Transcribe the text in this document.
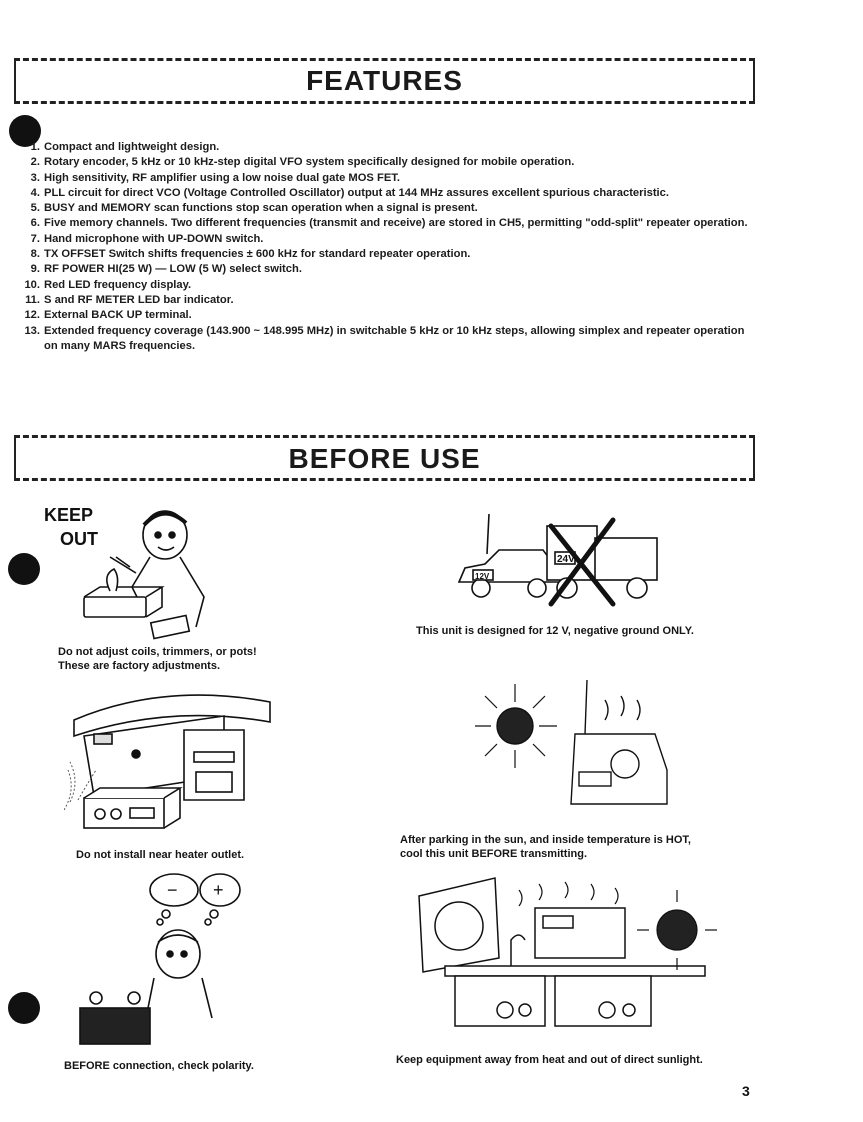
FEATURES
1. Compact and lightweight design.
2. Rotary encoder, 5 kHz or 10 kHz-step digital VFO system specifically designed for mobile operation.
3. High sensitivity, RF amplifier using a low noise dual gate MOS FET.
4. PLL circuit for direct VCO (Voltage Controlled Oscillator) output at 144 MHz assures excellent spurious characteristic.
5. BUSY and MEMORY scan functions stop scan operation when a signal is present.
6. Five memory channels. Two different frequencies (transmit and receive) are stored in CH5, permitting "odd-split" repeater operation.
7. Hand microphone with UP-DOWN switch.
8. TX OFFSET Switch shifts frequencies ± 600 kHz for standard repeater operation.
9. RF POWER HI(25 W) — LOW (5 W) select switch.
10. Red LED frequency display.
11. S and RF METER LED bar indicator.
12. External BACK UP terminal.
13. Extended frequency coverage (143.900 ~ 148.995 MHz) in switchable 5 kHz or 10 kHz steps, allowing simplex and repeater operation on many MARS frequencies.
BEFORE USE
KEEP
OUT
Do not adjust coils, trimmers, or pots!
These are factory adjustments.
12V
24V
This unit is designed for 12 V, negative ground ONLY.
Do not install near heater outlet.
After parking in the sun, and inside temperature is HOT,
cool this unit BEFORE transmitting.
− +
BEFORE connection, check polarity.	Keep equipment away from heat and out of direct sunlight.
3
